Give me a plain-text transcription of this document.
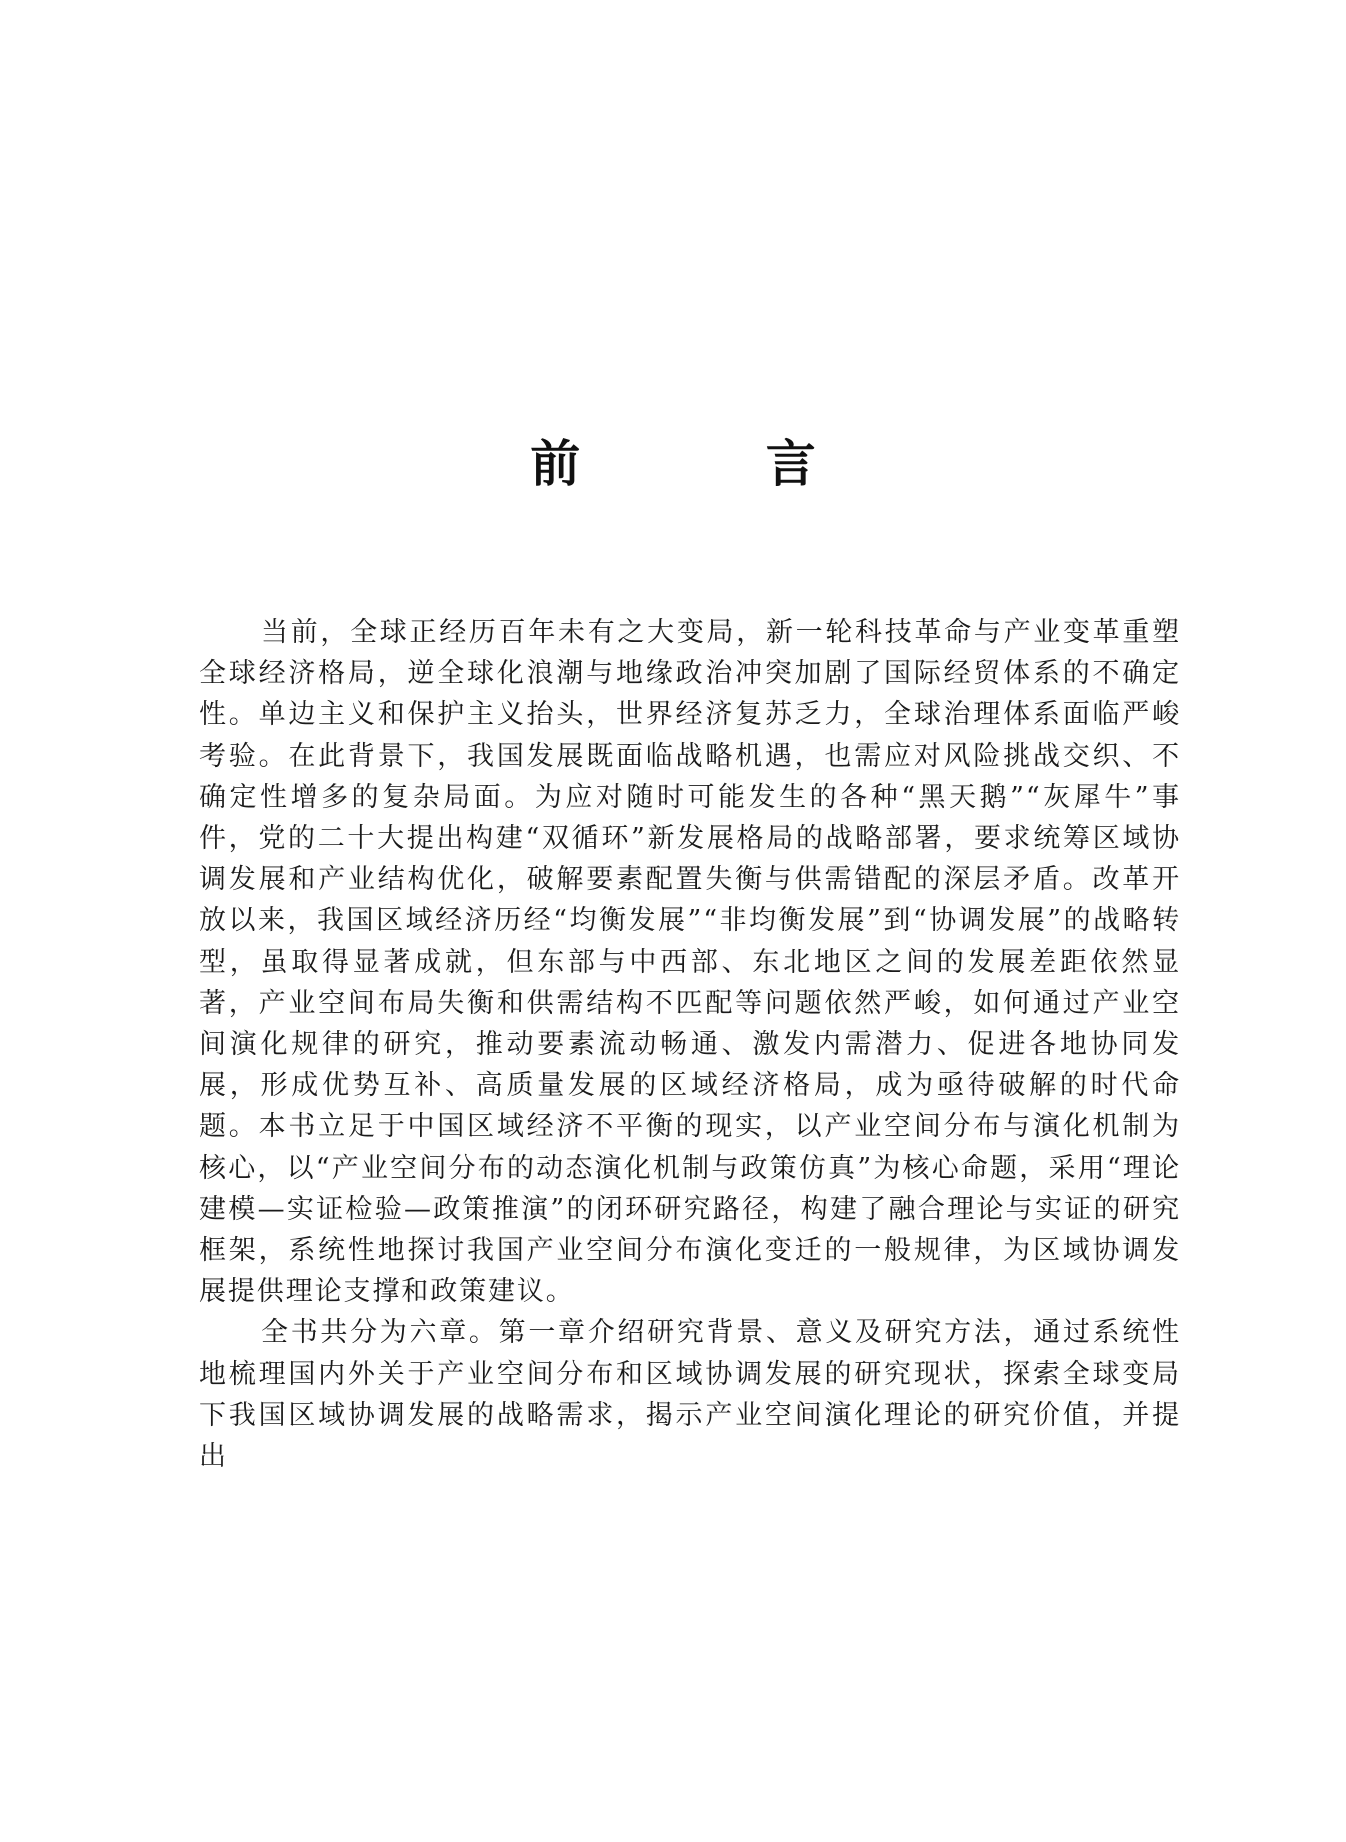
前 言

当前，全球正经历百年未有之大变局，新一轮科技革命与产业变革重塑全球经济格局，逆全球化浪潮与地缘政治冲突加剧了国际经贸体系的不确定性。单边主义和保护主义抬头，世界经济复苏乏力，全球治理体系面临严峻考验。在此背景下，我国发展既面临战略机遇，也需应对风险挑战交织、不确定性增多的复杂局面。为应对随时可能发生的各种“黑天鹅”“灰犀牛”事件，党的二十大提出构建“双循环”新发展格局的战略部署，要求统筹区域协调发展和产业结构优化，破解要素配置失衡与供需错配的深层矛盾。改革开放以来，我国区域经济历经“均衡发展”“非均衡发展”到“协调发展”的战略转型，虽取得显著成就，但东部与中西部、东北地区之间的发展差距依然显著，产业空间布局失衡和供需结构不匹配等问题依然严峻，如何通过产业空间演化规律的研究，推动要素流动畅通、激发内需潜力、促进各地协同发展，形成优势互补、高质量发展的区域经济格局，成为亟待破解的时代命题。本书立足于中国区域经济不平衡的现实，以产业空间分布与演化机制为核心，以“产业空间分布的动态演化机制与政策仿真”为核心命题，采用“理论建模—实证检验—政策推演”的闭环研究路径，构建了融合理论与实证的研究框架，系统性地探讨我国产业空间分布演化变迁的一般规律，为区域协调发展提供理论支撑和政策建议。

全书共分为六章。第一章介绍研究背景、意义及研究方法，通过系统性地梳理国内外关于产业空间分布和区域协调发展的研究现状，探索全球变局下我国区域协调发展的战略需求，揭示产业空间演化理论的研究价值，并提出
